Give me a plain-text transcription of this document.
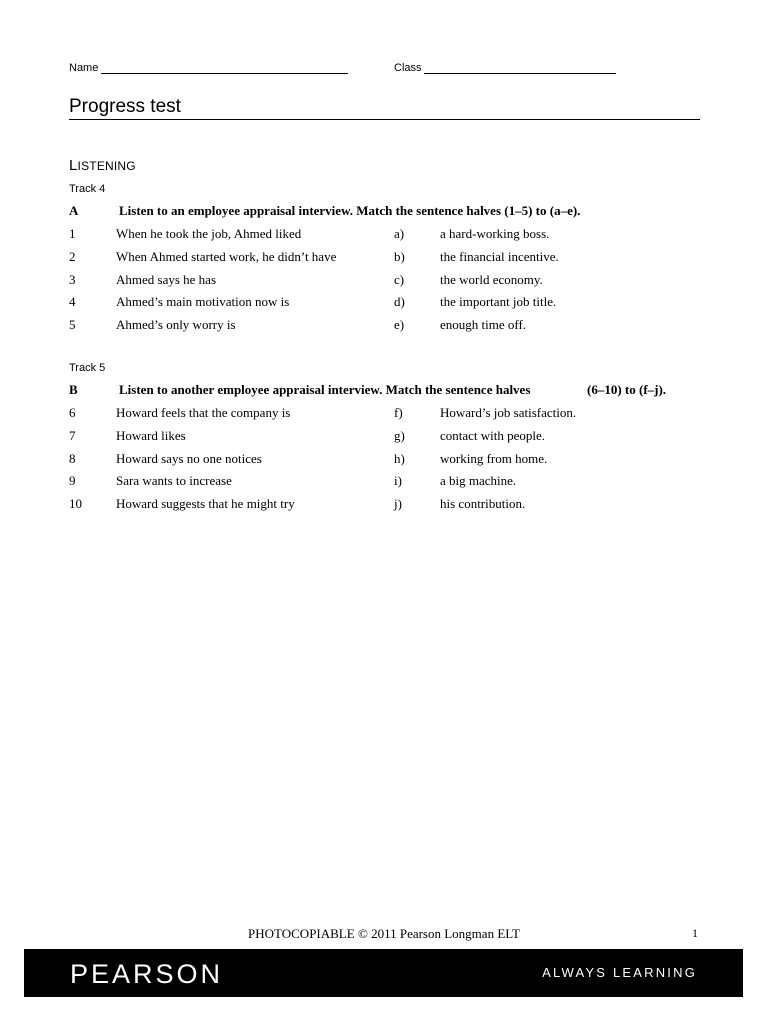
Name	Class
Progress test
LISTENING
Track 4
A	Listen to an employee appraisal interview. Match the sentence halves (1–5) to (a–e).
1	When he took the job, Ahmed liked	a)	a hard-working boss.
2	When Ahmed started work, he didn’t have	b)	the financial incentive.
3	Ahmed says he has	c)	the world economy.
4	Ahmed’s main motivation now is	d)	the important job title.
5	Ahmed’s only worry is	e)	enough time off.
Track 5
B	Listen to another employee appraisal interview. Match the sentence halves	(6–10) to (f–j).
6	Howard feels that the company is	f)	Howard’s job satisfaction.
7	Howard likes	g)	contact with people.
8	Howard says no one notices	h)	working from home.
9	Sara wants to increase	i)	a big machine.
10	Howard suggests that he might try	j)	his contribution.
PHOTOCOPIABLE © 2011 Pearson Longman ELT	1
PEARSON	ALWAYS LEARNING
